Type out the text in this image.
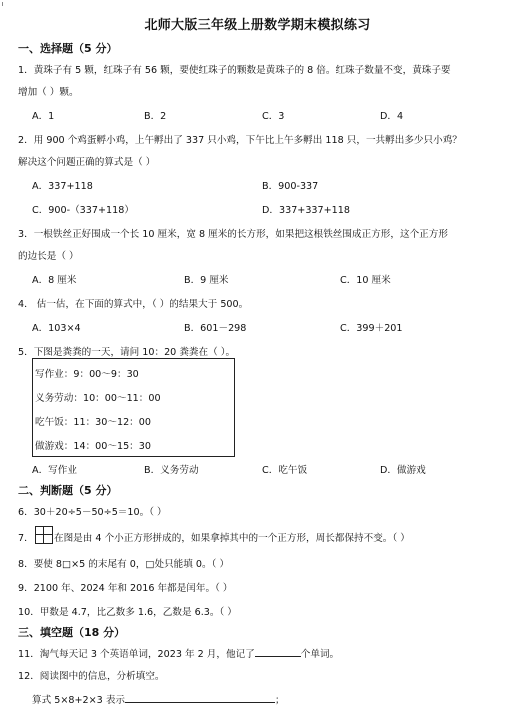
北师大版三年级上册数学期末模拟练习
一、选择题（5 分）
1．黄珠子有 5 颗，红珠子有 56 颗，要使红珠子的颗数是黄珠子的 8 倍。红珠子数量不变，黄珠子要
增加（ ）颗。
A．1	B．2	C．3	D．4
2．用 900 个鸡蛋孵小鸡，上午孵出了 337 只小鸡，下午比上午多孵出 118 只，一共孵出多少只小鸡？
解决这个问题正确的算式是（ ）
A．337+118	B．900-337
C．900-（337+118）	D．337+337+118
3．一根铁丝正好围成一个长 10 厘米，宽 8 厘米的长方形，如果把这根铁丝围成正方形，这个正方形
的边长是（ ）
A．8 厘米	B．9 厘米	C．10 厘米
4． 估一估，在下面的算式中，（ ）的结果大于 500。
A．103×4	B．601－298	C．399＋201
5．下图是粪粪的一天，请问 10：20 粪粪在（ ）。
写作业：9：00～9：30
义务劳动：10：00～11：00
吃午饭：11：30～12：00
做游戏：14：00～15：30
A．写作业	B．义务劳动	C．吃午饭	D．做游戏
二、判断题（5 分）
6．30＋20÷5－50÷5＝10。（ ）
7． 在图是由 4 个小正方形拼成的，如果拿掉其中的一个正方形，周长都保持不变。（ ）
8．要使 8□×5 的末尾有 0，□处只能填 0。（ ）
9．2100 年、2024 年和 2016 年都是闰年。（ ）
10．甲数是 4.7，比乙数多 1.6，乙数是 6.3。（ ）
三、填空题（18 分）
11．淘气每天记 3 个英语单词，2023 年 2 月，他记了	个单词。
12．阅读图中的信息，分析填空。
算式 5×8+2×3 表示	；
